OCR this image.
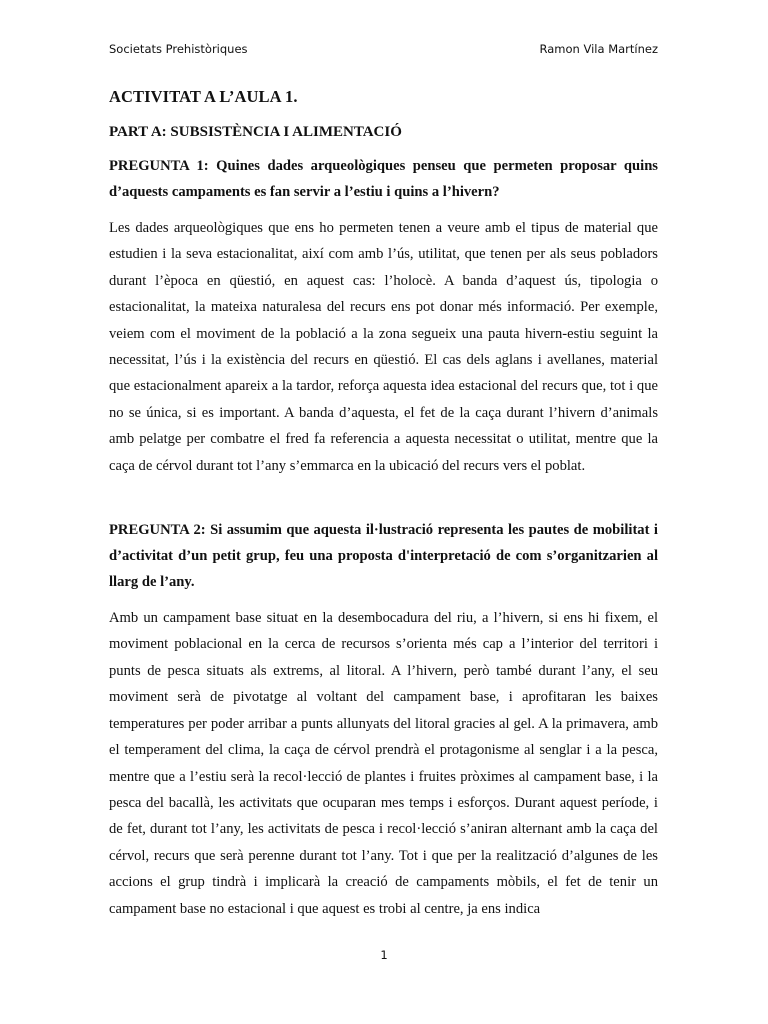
Societats Prehistòriques	Ramon Vila Martínez
ACTIVITAT A L’AULA 1.
PART A: SUBSISTÈNCIA I ALIMENTACIÓ

PREGUNTA 1: Quines dades arqueològiques penseu que permeten proposar quins d’aquests campaments es fan servir a l’estiu i quins a l’hivern?

Les dades arqueològiques que ens ho permeten tenen a veure amb el tipus de material que estudien i la seva estacionalitat, així com amb l’ús, utilitat, que tenen per als seus pobladors durant l’època en qüestió, en aquest cas: l’holocè. A banda d’aquest ús, tipologia o estacionalitat, la mateixa naturalesa del recurs ens pot donar més informació. Per exemple, veiem com el moviment de la població a la zona segueix una pauta hivern-estiu seguint la necessitat, l’ús i la existència del recurs en qüestió. El cas dels aglans i avellanes, material que estacionalment apareix a la tardor, reforça aquesta idea estacional del recurs que, tot i que no se única, si es important. A banda d’aquesta, el fet de la caça durant l’hivern d’animals amb pelatge per combatre el fred fa referencia a aquesta necessitat o utilitat, mentre que la caça de cérvol durant tot l’any s’emmarca en la ubicació del recurs vers el poblat.

PREGUNTA 2: Si assumim que aquesta il·lustració representa les pautes de mobilitat i d’activitat d’un petit grup, feu una proposta d'interpretació de com s’organitzarien al llarg de l’any.

Amb un campament base situat en la desembocadura del riu, a l’hivern, si ens hi fixem, el moviment poblacional en la cerca de recursos s’orienta més cap a l’interior del territori i punts de pesca situats als extrems, al litoral. A l’hivern, però també durant l’any, el seu moviment serà de pivotatge al voltant del campament base, i aprofitaran les baixes temperatures per poder arribar a punts allunyats del litoral gracies al gel. A la primavera, amb el temperament del clima, la caça de cérvol prendrà el protagonisme al senglar i a la pesca, mentre que a l’estiu serà la recol·lecció de plantes i fruites pròximes al campament base, i la pesca del bacallà, les activitats que ocuparan mes temps i esforços. Durant aquest període, i de fet, durant tot l’any, les activitats de pesca i recol·lecció s’aniran alternant amb la caça del cérvol, recurs que serà perenne durant tot l’any. Tot i que per la realització d’algunes de les accions el grup tindrà i implicarà la creació de campaments mòbils, el fet de tenir un campament base no estacional i que aquest es trobi al centre, ja ens indica

1
